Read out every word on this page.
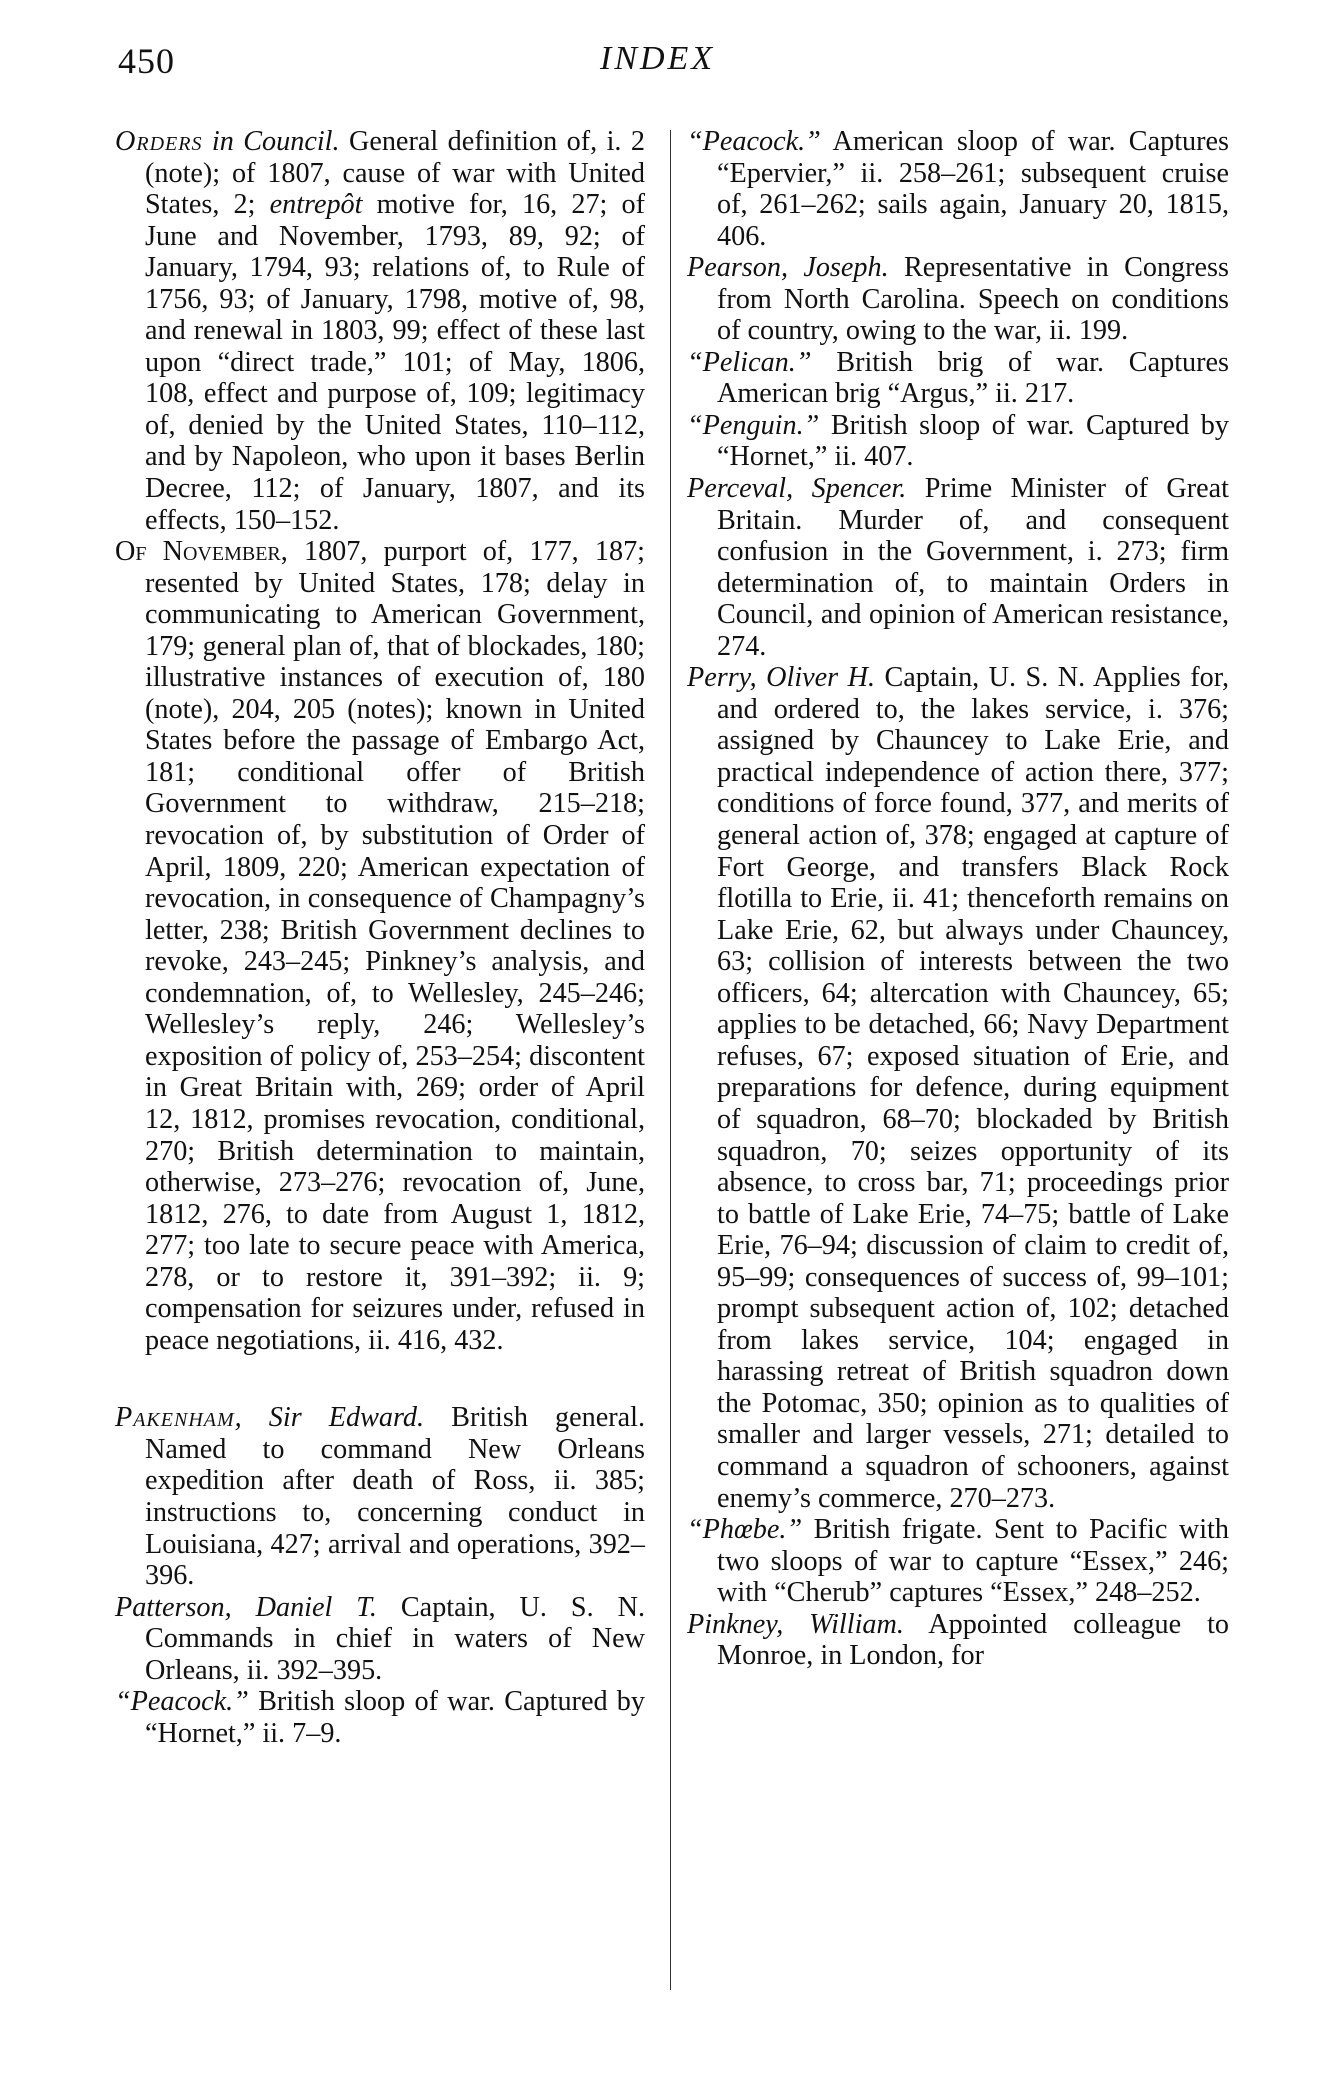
450	INDEX

Orders in Council. General definition of, i. 2 (note); of 1807, cause of war with United States, 2; entrepôt motive for, 16, 27; of June and November, 1793, 89, 92; of January, 1794, 93; relations of, to Rule of 1756, 93; of January, 1798, motive of, 98, and renewal in 1803, 99; effect of these last upon “direct trade,” 101; of May, 1806, 108, effect and purpose of, 109; legitimacy of, denied by the United States, 110–112, and by Napoleon, who upon it bases Berlin Decree, 112; of January, 1807, and its effects, 150–152.

Of November, 1807, purport of, 177, 187; resented by United States, 178; delay in communicating to American Government, 179; general plan of, that of blockades, 180; illustrative instances of execution of, 180 (note), 204, 205 (notes); known in United States before the passage of Embargo Act, 181; conditional offer of British Government to withdraw, 215–218; revocation of, by substitution of Order of April, 1809, 220; American expectation of revocation, in consequence of Champagny’s letter, 238; British Government declines to revoke, 243–245; Pinkney’s analysis, and condemnation, of, to Wellesley, 245–246; Wellesley’s reply, 246; Wellesley’s exposition of policy of, 253–254; discontent in Great Britain with, 269; order of April 12, 1812, promises revocation, conditional, 270; British determination to maintain, otherwise, 273–276; revocation of, June, 1812, 276, to date from August 1, 1812, 277; too late to secure peace with America, 278, or to restore it, 391–392; ii. 9; compensation for seizures under, refused in peace negotiations, ii. 416, 432.

Pakenham, Sir Edward. British general. Named to command New Orleans expedition after death of Ross, ii. 385; instructions to, concerning conduct in Louisiana, 427; arrival and operations, 392–396.

Patterson, Daniel T. Captain, U. S. N. Commands in chief in waters of New Orleans, ii. 392–395.

“Peacock.” British sloop of war. Captured by “Hornet,” ii. 7–9.

“Peacock.” American sloop of war. Captures “Epervier,” ii. 258–261; subsequent cruise of, 261–262; sails again, January 20, 1815, 406.

Pearson, Joseph. Representative in Congress from North Carolina. Speech on conditions of country, owing to the war, ii. 199.

“Pelican.” British brig of war. Captures American brig “Argus,” ii. 217.

“Penguin.” British sloop of war. Captured by “Hornet,” ii. 407.

Perceval, Spencer. Prime Minister of Great Britain. Murder of, and consequent confusion in the Government, i. 273; firm determination of, to maintain Orders in Council, and opinion of American resistance, 274.

Perry, Oliver H. Captain, U. S. N. Applies for, and ordered to, the lakes service, i. 376; assigned by Chauncey to Lake Erie, and practical independence of action there, 377; conditions of force found, 377, and merits of general action of, 378; engaged at capture of Fort George, and transfers Black Rock flotilla to Erie, ii. 41; thenceforth remains on Lake Erie, 62, but always under Chauncey, 63; collision of interests between the two officers, 64; altercation with Chauncey, 65; applies to be detached, 66; Navy Department refuses, 67; exposed situation of Erie, and preparations for defence, during equipment of squadron, 68–70; blockaded by British squadron, 70; seizes opportunity of its absence, to cross bar, 71; proceedings prior to battle of Lake Erie, 74–75; battle of Lake Erie, 76–94; discussion of claim to credit of, 95–99; consequences of success of, 99–101; prompt subsequent action of, 102; detached from lakes service, 104; engaged in harassing retreat of British squadron down the Potomac, 350; opinion as to qualities of smaller and larger vessels, 271; detailed to command a squadron of schooners, against enemy’s commerce, 270–273.

“Phœbe.” British frigate. Sent to Pacific with two sloops of war to capture “Essex,” 246; with “Cherub” captures “Essex,” 248–252.

Pinkney, William. Appointed colleague to Monroe, in London, for
